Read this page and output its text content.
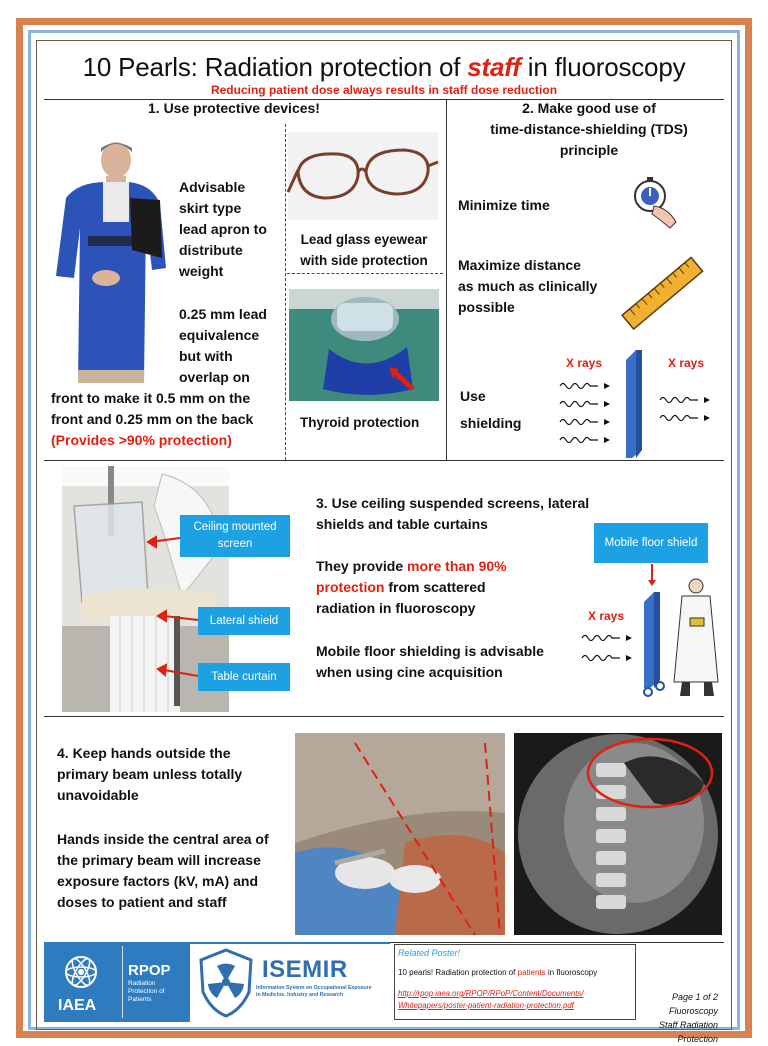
10 Pearls: Radiation protection of staff in fluoroscopy
Reducing patient dose always results in staff dose reduction
1. Use protective devices!
Advisable
skirt type
lead apron to
distribute
weight
0.25 mm lead
equivalence
but with
overlap on
front to make it 0.5 mm on the
front and 0.25 mm on the back
(Provides >90% protection)
Lead glass eyewear
with side protection
Thyroid protection
2. Make good use of
time-distance-shielding (TDS)
principle
Minimize time
Maximize distance
as much as clinically
possible
Use
shielding
X rays	X rays
Ceiling mounted screen
Lateral shield
Table curtain
3. Use ceiling suspended screens, lateral
shields and table curtains
They provide more than 90%
protection from scattered
radiation in fluoroscopy
Mobile floor shielding is advisable
when using cine acquisition
Mobile floor shield
X rays
4. Keep hands outside the
primary beam unless totally
unavoidable
Hands inside the central area of
the primary beam will increase
exposure factors (kV, mA) and
doses to patient and staff
IAEA
RPOP
Radiation
Protection of
Patients
ISEMIR
Information System on Occupational Exposure
in Medicine, Industry and Research
Related Poster!
10 pearls! Radiation protection of patients in fluoroscopy
http://rpop.iaea.org/RPOP/RPoP/Content/Documents/
Whitepapers/poster-patient-radiation-protection.pdf
Page 1 of 2
Fluoroscopy
Staff Radiation Protection
